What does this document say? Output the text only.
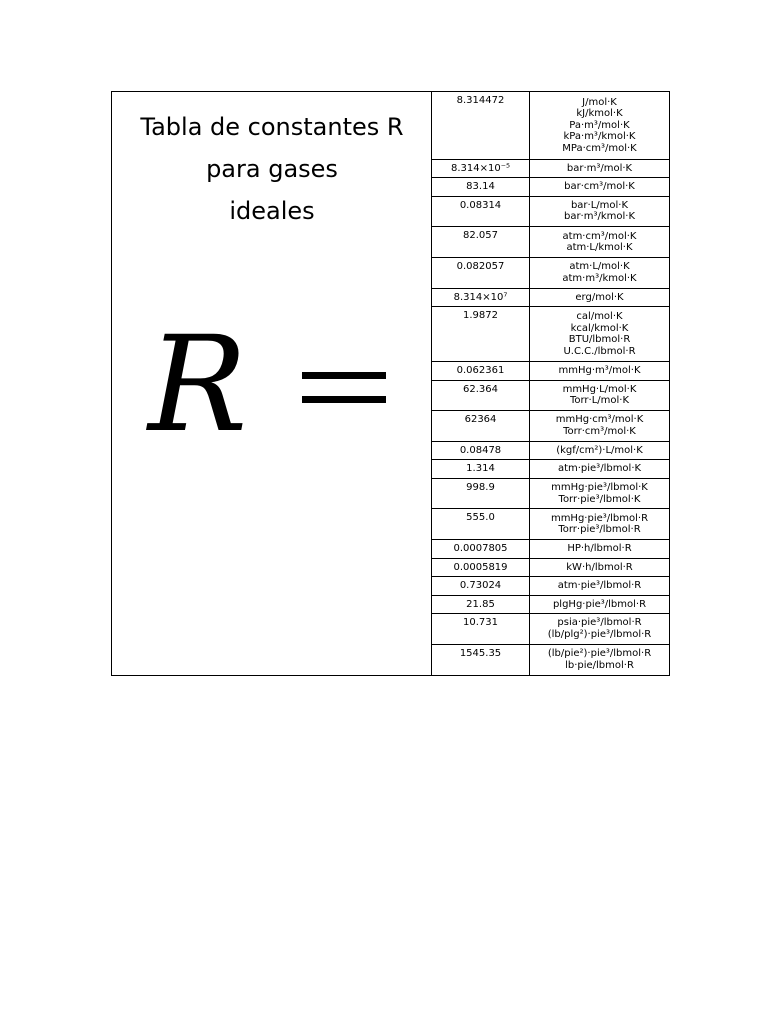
Tabla de constantes R
para gases
ideales
R
8.314472	J/mol·K
kJ/kmol·K
Pa·m³/mol·K
kPa·m³/kmol·K
MPa·cm³/mol·K

8.314×10⁻⁵	bar·m³/mol·K

83.14	bar·cm³/mol·K

0.08314	bar·L/mol·K
bar·m³/kmol·K

82.057	atm·cm³/mol·K
atm·L/kmol·K

0.082057	atm·L/mol·K
atm·m³/kmol·K

8.314×10⁷	erg/mol·K

1.9872	cal/mol·K
kcal/kmol·K
BTU/lbmol·R
U.C.C./lbmol·R

0.062361	mmHg·m³/mol·K

62.364	mmHg·L/mol·K
Torr·L/mol·K

62364	mmHg·cm³/mol·K
Torr·cm³/mol·K

0.08478	(kgf/cm²)·L/mol·K

1.314	atm·pie³/lbmol·K

998.9	mmHg·pie³/lbmol·K
Torr·pie³/lbmol·K

555.0	mmHg·pie³/lbmol·R
Torr·pie³/lbmol·R

0.0007805	HP·h/lbmol·R

0.0005819	kW·h/lbmol·R

0.73024	atm·pie³/lbmol·R

21.85	plgHg·pie³/lbmol·R

10.731	psia·pie³/lbmol·R
(lb/plg²)·pie³/lbmol·R

1545.35	(lb/pie²)·pie³/lbmol·R
lb·pie/lbmol·R
